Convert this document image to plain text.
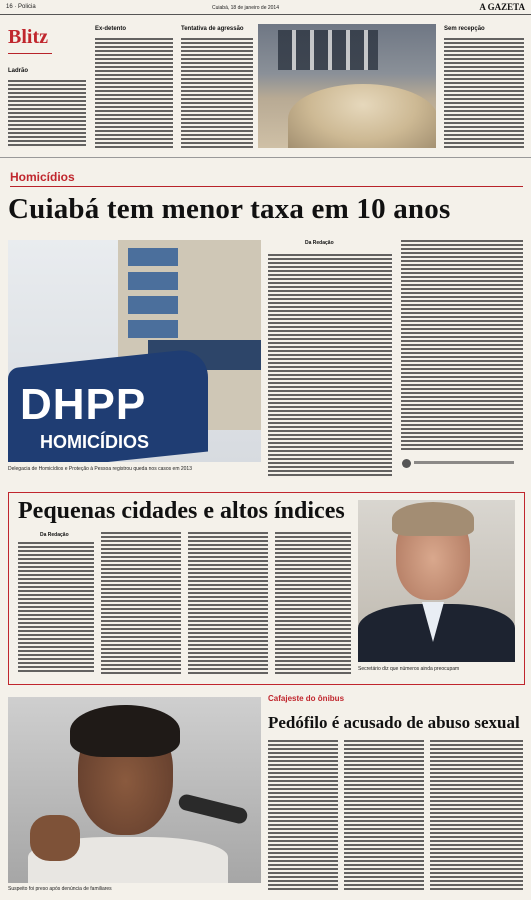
16 · Policia	Cuiabá, 18 de janeiro de 2014	A GAZETA
Blitz
Ladrão
Ex-detento	Tentativa de agressão	Sem recepção
Homicídios
Cuiabá tem menor taxa em 10 anos
DHPP
HOMICÍDIOS
Delegacia de Homicídios e Proteção à Pessoa registrou queda nos casos em 2013
Da Redação
Pequenas cidades e altos índices
Da Redação
Secretário diz que números ainda preocupam
Cafajeste do ônibus
Pedófilo é acusado de abuso sexual
Suspeito foi preso após denúncia de familiares
